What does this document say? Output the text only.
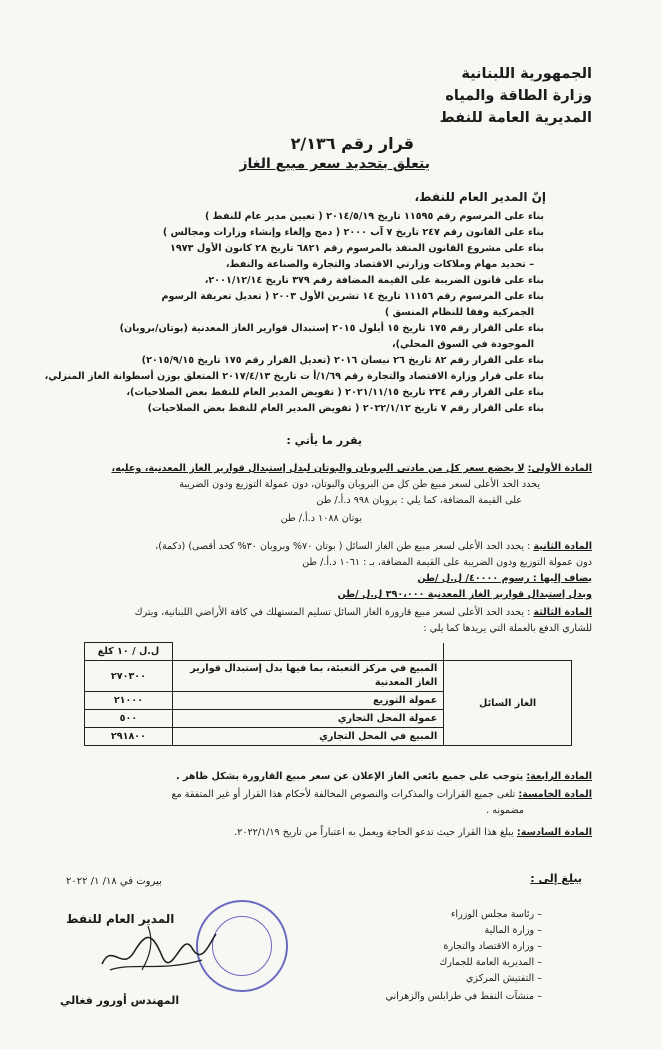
الجمهورية اللبنانية
وزارة الطاقة والمياه
المديرية العامة للنفط
قرار رقم ٢/١٣٦
يتعلق بتحديد سعر مبيع الغاز
إنّ المدير العام للنفط،
بناء على المرسوم رقم ١١٥٩٥ تاريخ ٢٠١٤/٥/١٩ ( تعيين مدير عام للنفط )
بناء على القانون رقم ٢٤٧ تاريخ ٧ آب ٢٠٠٠ ( دمج وإلغاء وإنشاء وزارات ومجالس )
بناء على مشروع القانون المنفذ بالمرسوم رقم ٦٨٢١ تاريخ ٢٨ كانون الأول ١٩٧٣
– تحديد مهام وملاكات وزارتي الاقتصاد والتجارة والصناعة والنفط،
بناء على قانون الضريبة على القيمة المضافة رقم ٣٧٩ تاريخ ٢٠٠١/١٢/١٤،
بناء على المرسوم رقم ١١١٥٦ تاريخ ١٤ تشرين الأول ٢٠٠٣ ( تعديل تعريفة الرسوم
الجمركية وفقا للنظام المنسق )
بناء على القرار رقم ١٧٥ تاريخ ١٥ أيلول ٢٠١٥ إستبدال قوارير الغاز المعدنية (بوتان/بروبان)
الموجودة في السوق المحلي)،
بناء على القرار رقم ٨٢ تاريخ ٢٦ نيسان ٢٠١٦ (تعديل القرار رقم ١٧٥ تاريخ ٢٠١٥/٩/١٥)
بناء على قرار وزارة الاقتصاد والتجارة رقم ١/٦٩/أ ت تاريخ ٢٠١٧/٤/١٣ المتعلق بوزن أسطوانة الغاز المنزلي،
بناء على القرار رقم ٢٣٤ تاريخ ٢٠٢١/١١/١٥ ( تفويض المدير العام للنفط بعض الصلاحيات)،
بناء على القرار رقم ٧ تاريخ ٢٠٢٢/١/١٢ ( تفويض المدير العام للنفط بعض الصلاحيات)
يقرر ما يأتي :
المادة الأولى: لا يخضع سعر كل من مادتي البروبان والبوتان لبدل إستبدال قوارير الغاز المعدنية، وعليه،
يحدد الحد الأعلى لسعر مبيع طن كل من البروبان والبوتان، دون عمولة التوزيع ودون الضريبة
على القيمة المضافة، كما يلي : بروبان ٩٩٨ د.أ./ طن
بوتان ١٠٨٨ د.أ./ طن
المادة الثانية : يحدد الحد الأعلى لسعر مبيع طن الغاز السائل ( بوتان ٧٠% وبروبان ٣٠% كحد أقصى) (دكمة)،
دون عمولة التوزيع ودون الضريبة على القيمة المضافة، بـ : ١٠٦١ د.أ./ طن
يضاف إليها : رسوم ٤٠٠٠٠/ ل.ل /طن
وبدل إستبدال قوارير الغاز المعدنية ٣٩٠،٠٠٠ ل.ل /طن
المادة الثالثة : يحدد الحد الأعلى لسعر مبيع قارورة الغاز السائل تسليم المستهلك في كافة الأراضي اللبنانية، ويترك
للشاري الدفع بالعملة التي يريدها كما يلي :
		ل.ل / ١٠ كلغ
الغاز السائل	المبيع في مركز التعبئة، بما فيها بدل إستبدال قوارير الغاز المعدنية	٢٧٠٣٠٠
	عمولة التوزيع	٢١٠٠٠
	عمولة المحل التجاري	٥٠٠
	المبيع في المحل التجاري	٢٩١٨٠٠
المادة الرابعة: يتوجب على جميع بائعي الغاز الإعلان عن سعر مبيع القارورة بشكل ظاهر .
المادة الخامسة: تلغى جميع القرارات والمذكرات والنصوص المخالفة لأحكام هذا القرار أو غير المتفقة مع
مضمونه .
المادة السادسة: يبلغ هذا القرار حيث تدعو الحاجة ويعمل به اعتباراً من تاريخ ٢٠٢٢/١/١٩.
يبلغ إلى :
– رئاسة مجلس الوزراء
– وزارة المالية
– وزارة الاقتصاد والتجارة
– المديرية العامة للجمارك
– التفتيش المركزي
– منشآت النفط في طرابلس والزهراني
بيروت في ١٨/ ١/ ٢٠٢٢
المدير العام للنفط
المهندس أورور فغالي
